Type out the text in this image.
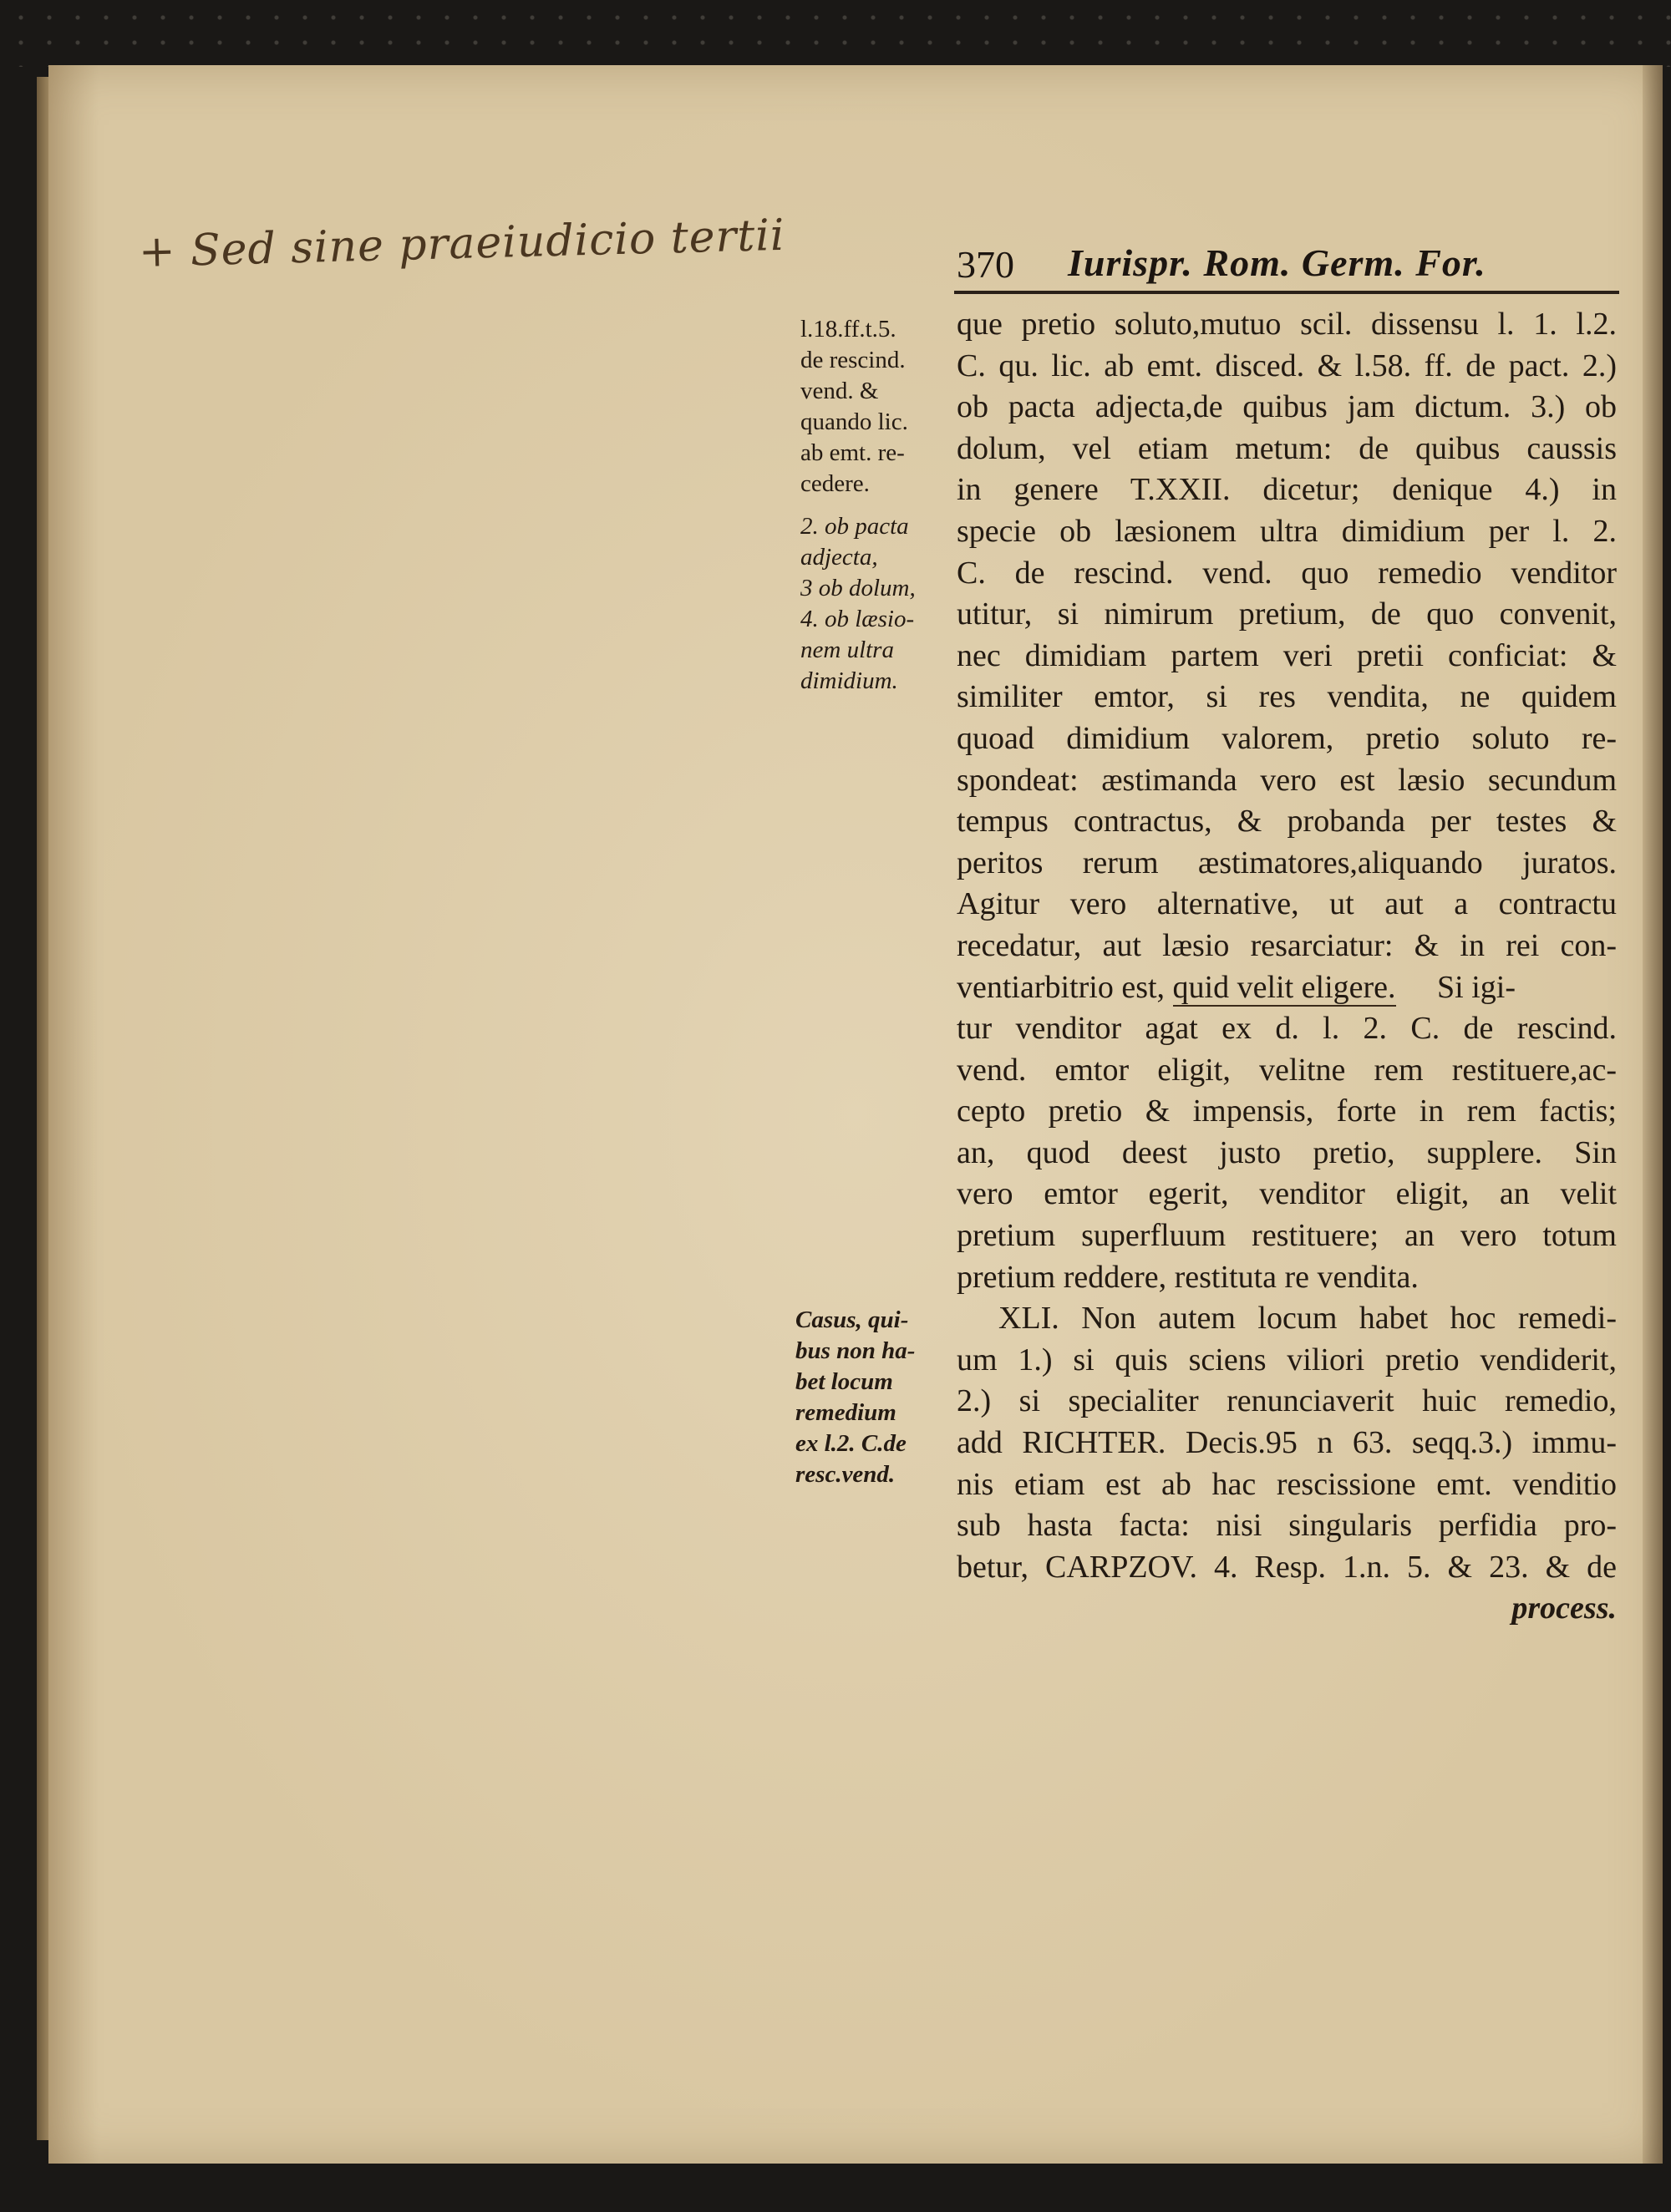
+ Sed sine praeiudicio tertii	370 Iurispr. Rom. Germ. For.
l.18.ff.t.5.
de rescind.
vend. &
quando lic.
ab emt. re-
cedere.
2. ob pacta
adjecta,
3 ob dolum,
4. ob læsio-
nem ultra
dimidium.
Casus, qui-
bus non ha-
bet locum
remedium
ex l.2. C.de
resc.vend.
que pretio soluto,mutuo scil. dissensu l. 1. l.2.
C. qu. lic. ab emt. disced. & l.58. ff. de pact. 2.)
ob pacta adjecta,de quibus jam dictum. 3.) ob
dolum, vel etiam metum: de quibus caussis
in genere T.XXII. dicetur; denique 4.) in
specie ob læsionem ultra dimidium per l. 2.
C. de rescind. vend. quo remedio venditor
utitur, si nimirum pretium, de quo convenit,
nec dimidiam partem veri pretii conficiat: &
similiter emtor, si res vendita, ne quidem
quoad dimidium valorem, pretio soluto re-
spondeat: æstimanda vero est læsio secundum
tempus contractus, & probanda per testes &
peritos rerum æstimatores,aliquando juratos.
Agitur vero alternative, ut aut a contractu
recedatur, aut læsio resarciatur: & in rei con-
ventiarbitrio est, quid velit eligere. Si igi-
tur venditor agat ex d. l. 2. C. de rescind.
vend. emtor eligit, velitne rem restituere,ac-
cepto pretio & impensis, forte in rem factis;
an, quod deest justo pretio, supplere. Sin
vero emtor egerit, venditor eligit, an velit
pretium superfluum restituere; an vero totum
pretium reddere, restituta re vendita.
XLI. Non autem locum habet hoc remedi-
um 1.) si quis sciens viliori pretio vendiderit,
2.) si specialiter renunciaverit huic remedio,
add RICHTER. Decis.95 n 63. seqq.3.) immu-
nis etiam est ab hac rescissione emt. venditio
sub hasta facta: nisi singularis perfidia pro-
betur, CARPZOV. 4. Resp. 1.n. 5. & 23. & de
process.
